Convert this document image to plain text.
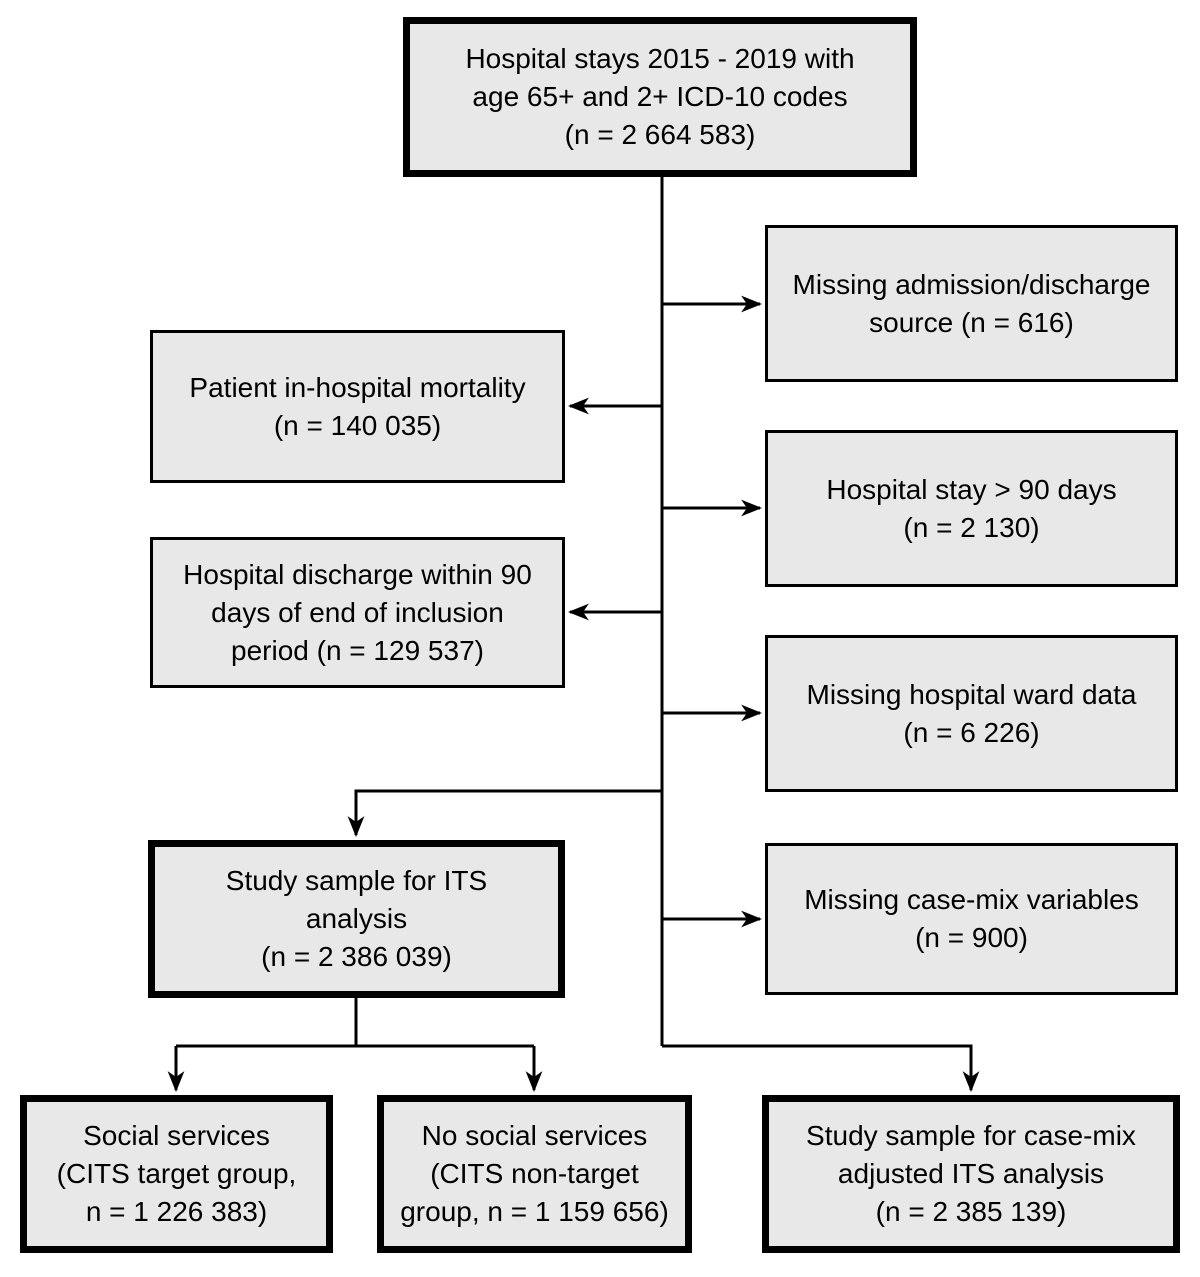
Hospital stays 2015 - 2019 with
age 65+ and 2+ ICD-10 codes
(n = 2 664 583)
Missing admission/discharge
source (n = 616)
Patient in-hospital mortality
(n = 140 035)
Hospital stay > 90 days
(n = 2 130)
Hospital discharge within 90
days of end of inclusion
period (n = 129 537)
Missing hospital ward data
(n = 6 226)
Study sample for ITS
analysis
(n = 2 386 039)
Missing case-mix variables
(n = 900)
Social services
(CITS target group,
n = 1 226 383)
No social services
(CITS non-target
group, n = 1 159 656)
Study sample for case-mix
adjusted ITS analysis
(n = 2 385 139)
